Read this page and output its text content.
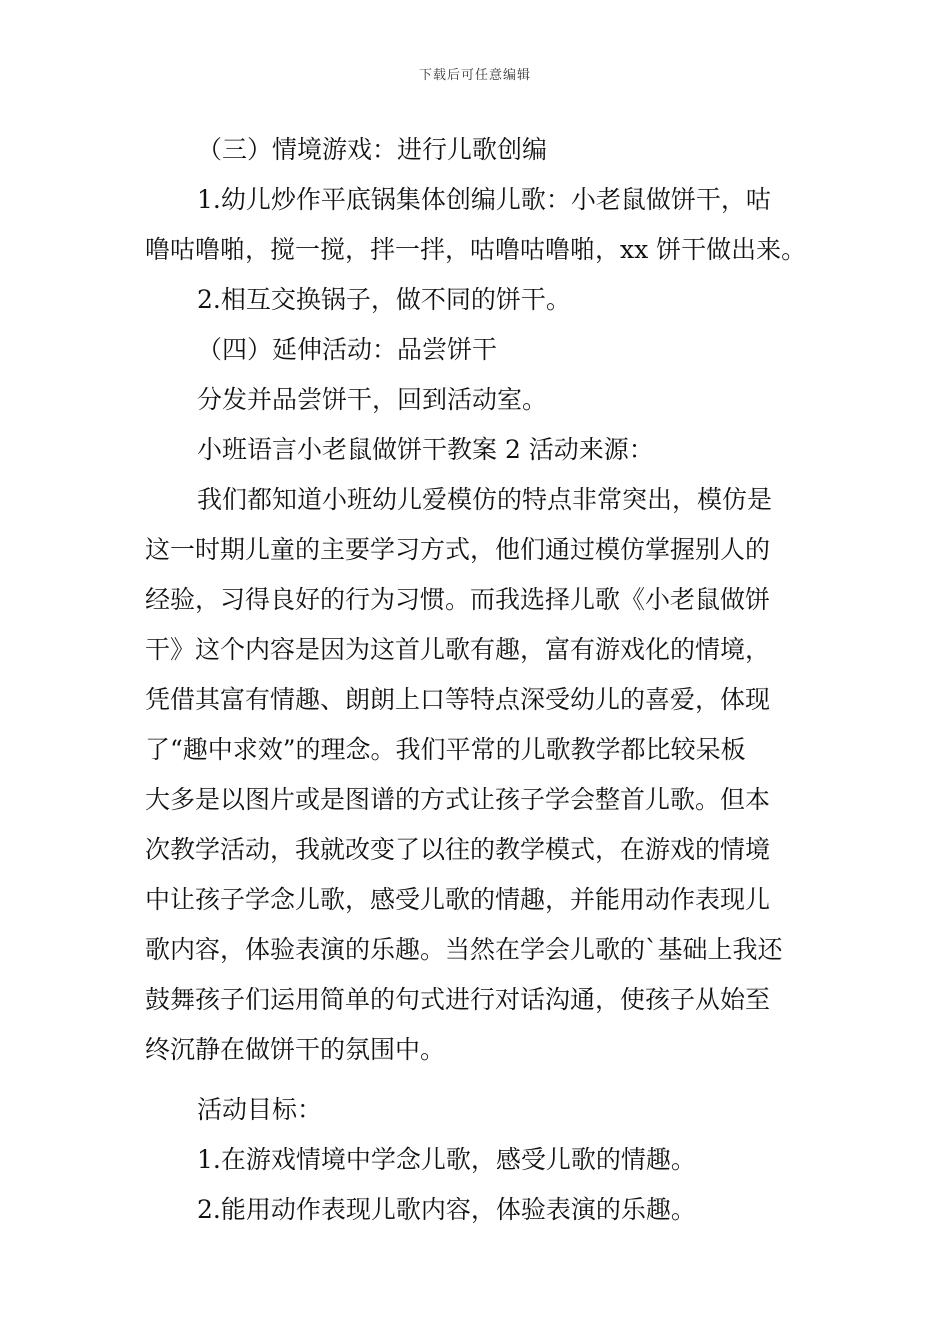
下载后可任意编辑
（三）情境游戏：进行儿歌创编
1.幼儿炒作平底锅集体创编儿歌：小老鼠做饼干，咕
噜咕噜啪，搅一搅，拌一拌，咕噜咕噜啪，xx 饼干做出来。
2.相互交换锅子，做不同的饼干。
（四）延伸活动：品尝饼干
分发并品尝饼干，回到活动室。
小班语言小老鼠做饼干教案 2 活动来源：
我们都知道小班幼儿爱模仿的特点非常突出，模仿是
这一时期儿童的主要学习方式，他们通过模仿掌握别人的
经验，习得良好的行为习惯。而我选择儿歌《小老鼠做饼
干》这个内容是因为这首儿歌有趣，富有游戏化的情境，
凭借其富有情趣、朗朗上口等特点深受幼儿的喜爱，体现
了“趣中求效”的理念。我们平常的儿歌教学都比较呆板
大多是以图片或是图谱的方式让孩子学会整首儿歌。但本
次教学活动，我就改变了以往的教学模式，在游戏的情境
中让孩子学念儿歌，感受儿歌的情趣，并能用动作表现儿
歌内容，体验表演的乐趣。当然在学会儿歌的`基础上我还
鼓舞孩子们运用简单的句式进行对话沟通，使孩子从始至
终沉静在做饼干的氛围中。
活动目标：
1.在游戏情境中学念儿歌，感受儿歌的情趣。
2.能用动作表现儿歌内容，体验表演的乐趣。
